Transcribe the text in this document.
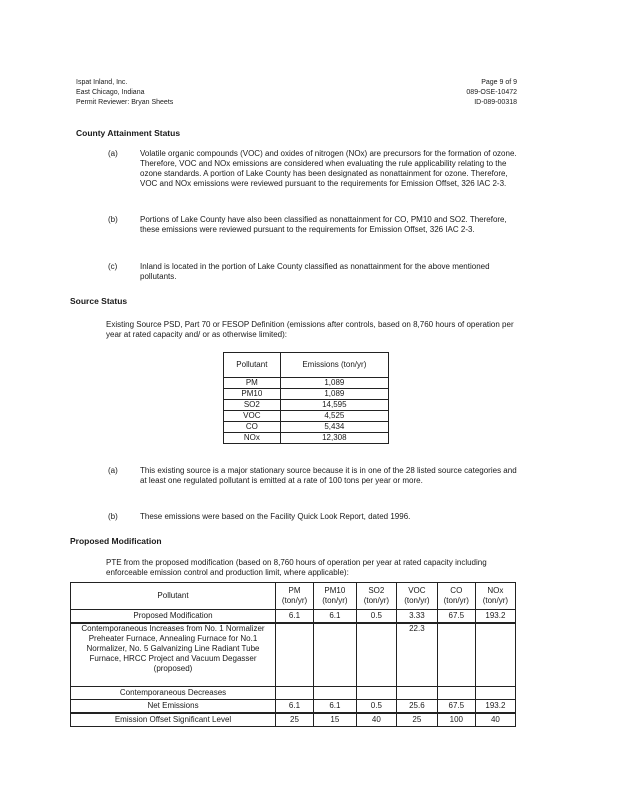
Ispat Inland, Inc.
East Chicago, Indiana
Permit Reviewer: Bryan Sheets
Page 9 of 9
089-OSE-10472
ID-089-00318
County Attainment Status
(a)	Volatile organic compounds (VOC) and oxides of nitrogen (NOx) are precursors for the formation of ozone. Therefore, VOC and NOx emissions are considered when evaluating the rule applicability relating to the ozone standards. A portion of Lake County has been designated as nonattainment for ozone. Therefore, VOC and NOx emissions were reviewed pursuant to the requirements for Emission Offset, 326 IAC 2-3.
(b)	Portions of Lake County have also been classified as nonattainment for CO, PM10 and SO2. Therefore, these emissions were reviewed pursuant to the requirements for Emission Offset, 326 IAC 2-3.
(c)	Inland is located in the portion of Lake County classified as nonattainment for the above mentioned pollutants.
Source Status
Existing Source PSD, Part 70 or FESOP Definition (emissions after controls, based on 8,760 hours of operation per year at rated capacity and/ or as otherwise limited):
Pollutant	Emissions (ton/yr)
PM	1,089
PM10	1,089
SO2	14,595
VOC	4,525
CO	5,434
NOx	12,308
(a)	This existing source is a major stationary source because it is in one of the 28 listed source categories and at least one regulated pollutant is emitted at a rate of 100 tons per year or more.
(b)	These emissions were based on the Facility Quick Look Report, dated 1996.
Proposed Modification
PTE from the proposed modification (based on 8,760 hours of operation per year at rated capacity including enforceable emission control and production limit, where applicable):
Pollutant	PM (ton/yr)	PM10 (ton/yr)	SO2 (ton/yr)	VOC (ton/yr)	CO (ton/yr)	NOx (ton/yr)
Proposed Modification	6.1	6.1	0.5	3.33	67.5	193.2
Contemporaneous Increases from No. 1 Normalizer Preheater Furnace, Annealing Furnace for No.1 Normalizer, No. 5 Galvanizing Line Radiant Tube Furnace, HRCC Project and Vacuum Degasser (proposed)				22.3		
Contemporaneous Decreases						
Net Emissions	6.1	6.1	0.5	25.6	67.5	193.2
Emission Offset Significant Level	25	15	40	25	100	40
